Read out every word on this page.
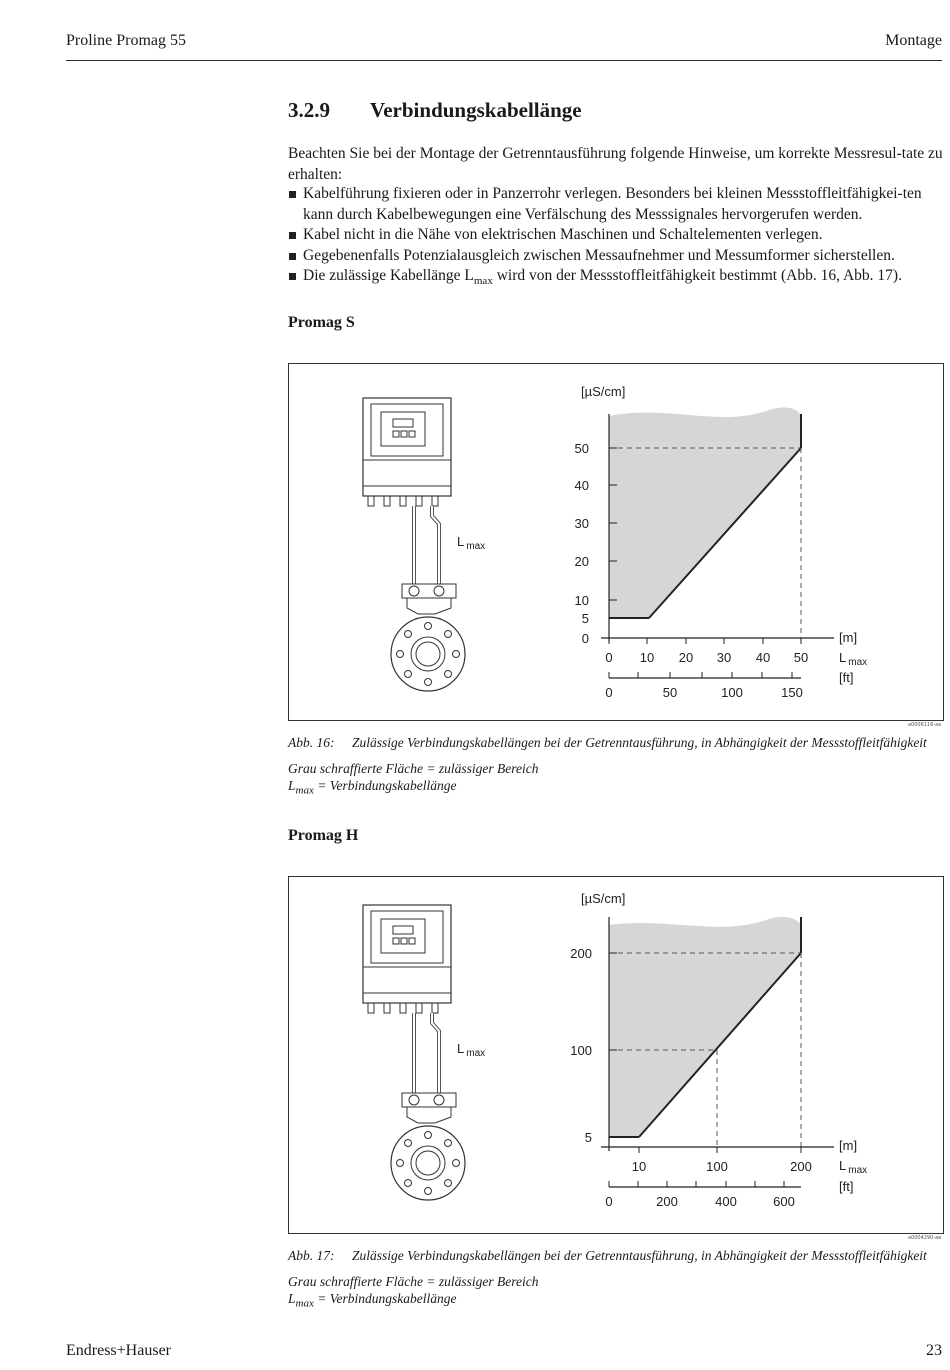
Proline Promag 55	Montage
3.2.9 Verbindungskabellänge

Beachten Sie bei der Montage der Getrenntausführung folgende Hinweise, um korrekte Messresul-tate zu erhalten:

Kabelführung fixieren oder in Panzerrohr verlegen. Besonders bei kleinen Messstoffleitfähigkei-ten kann durch Kabelbewegungen eine Verfälschung des Messsignales hervorgerufen werden.
Kabel nicht in die Nähe von elektrischen Maschinen und Schaltelementen verlegen.
Gegebenenfalls Potenzialausgleich zwischen Messaufnehmer und Messumformer sicherstellen.
Die zulässige Kabellänge $L_{max}$ wird von der Messstoffleitfähigkeit bestimmt (Abb. 16, Abb. 17).
Promag S
L $_{max}$
[µS/cm]
0
5
10
20
30
40
50
0 10 20 30 40 50
0	50	100	150
[m]
L $_{max}$
[ft]
a0006116-ae
Abb. 16: Zulässige Verbindungskabellängen bei der Getrenntausführung, in Abhängigkeit der Messstoffleitfähigkeit
Grau schraffierte Fläche = zulässiger Bereich
$L_{max}$ = Verbindungskabellänge
Promag H
L $_{max}$
[µS/cm]
5
100
200
10	100	200
0	200	400	600
[m]
L $_{max}$
[ft]
a0004290-ae
Abb. 17: Zulässige Verbindungskabellängen bei der Getrenntausführung, in Abhängigkeit der Messstoffleitfähigkeit
Grau schraffierte Fläche = zulässiger Bereich
$L_{max}$ = Verbindungskabellänge
Endress+Hauser	23
